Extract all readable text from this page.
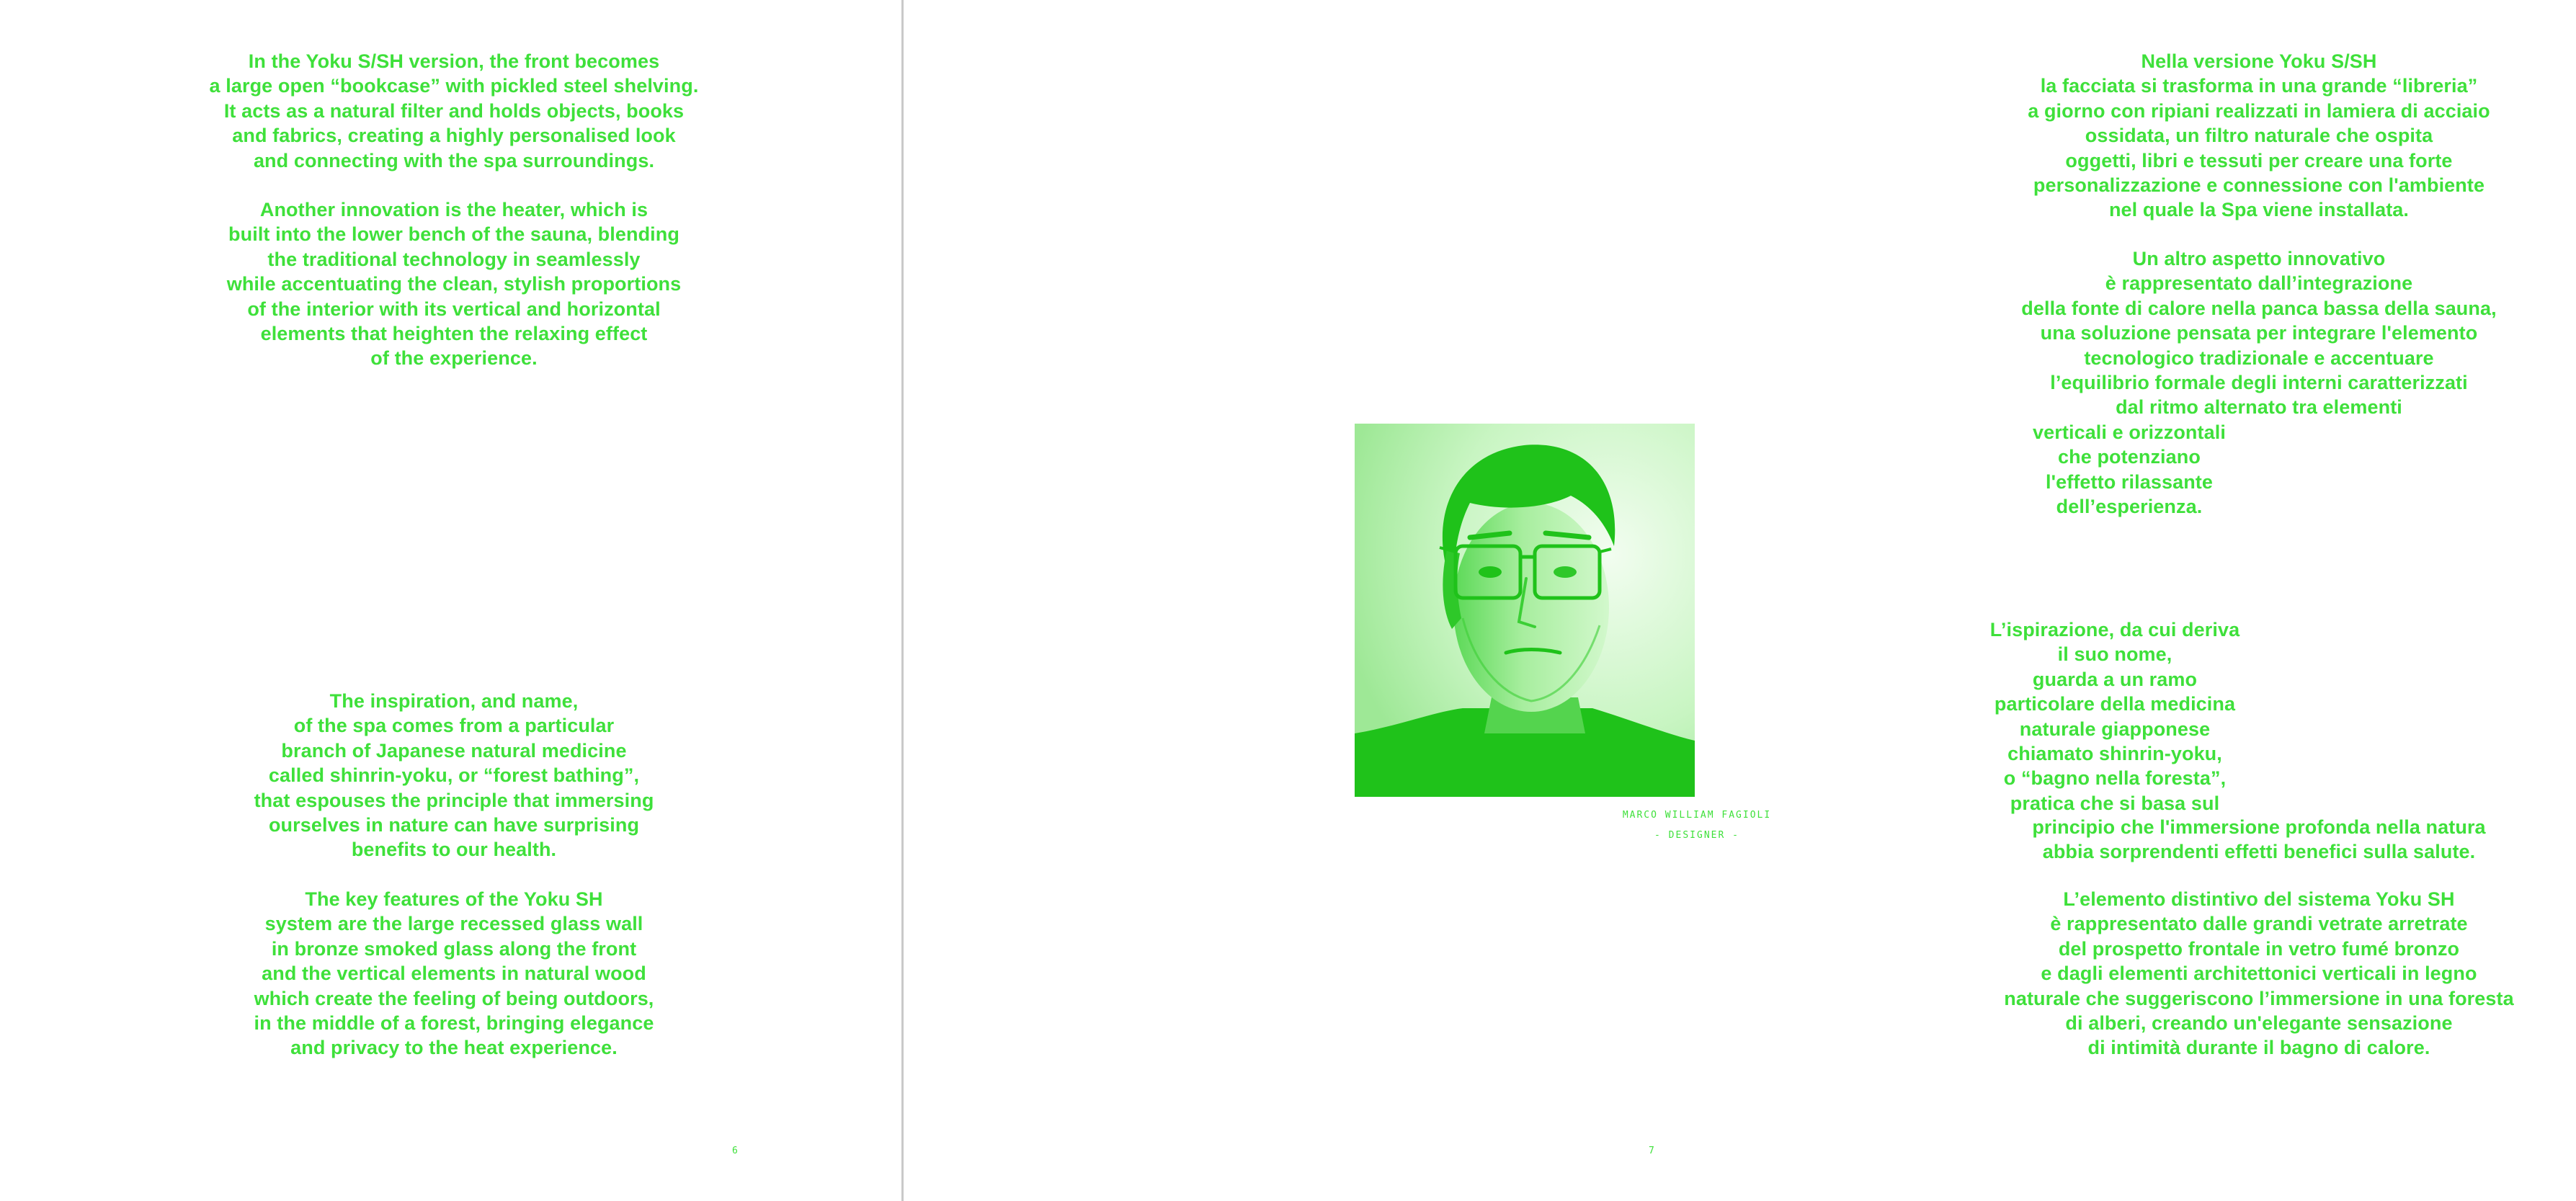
In the Yoku S/SH version, the front becomes
a large open “bookcase” with pickled steel shelving.
It acts as a natural filter and holds objects, books
and fabrics, creating a highly personalised look
and connecting with the spa surroundings.

Another innovation is the heater, which is
built into the lower bench of the sauna, blending
the traditional technology in seamlessly
while accentuating the clean, stylish proportions
of the interior with its vertical and horizontal
elements that heighten the relaxing effect
of the experience.

The inspiration, and name,
of the spa comes from a particular
branch of Japanese natural medicine
called shinrin-yoku, or “forest bathing”,
that espouses the principle that immersing
ourselves in nature can have surprising
benefits to our health.

The key features of the Yoku SH
system are the large recessed glass wall
in bronze smoked glass along the front
and the vertical elements in natural wood
which create the feeling of being outdoors,
in the middle of a forest, bringing elegance
and privacy to the heat experience.

6

Nella versione Yoku S/SH
la facciata si trasforma in una grande “libreria”
a giorno con ripiani realizzati in lamiera di acciaio
ossidata, un filtro naturale che ospita
oggetti, libri e tessuti per creare una forte
personalizzazione e connessione con l'ambiente
nel quale la Spa viene installata.

Un altro aspetto innovativo
è rappresentato dall’integrazione
della fonte di calore nella panca bassa della sauna,
una soluzione pensata per integrare l'elemento
tecnologico tradizionale e accentuare
l’equilibrio formale degli interni caratterizzati
dal ritmo alternato tra elementi

verticali e orizzontali
che potenziano
l'effetto rilassante
dell’esperienza.

L’ispirazione, da cui deriva
il suo nome,
guarda a un ramo
particolare della medicina
naturale giapponese
chiamato shinrin-yoku,
o “bagno nella foresta”,
pratica che si basa sul

principio che l'immersione profonda nella natura
abbia sorprendenti effetti benefici sulla salute.

L’elemento distintivo del sistema Yoku SH
è rappresentato dalle grandi vetrate arretrate
del prospetto frontale in vetro fumé bronzo
e dagli elementi architettonici verticali in legno
naturale che suggeriscono l’immersione in una foresta
di alberi, creando un'elegante sensazione
di intimità durante il bagno di calore.

MARCO WILLIAM FAGIOLI

- DESIGNER -

7
